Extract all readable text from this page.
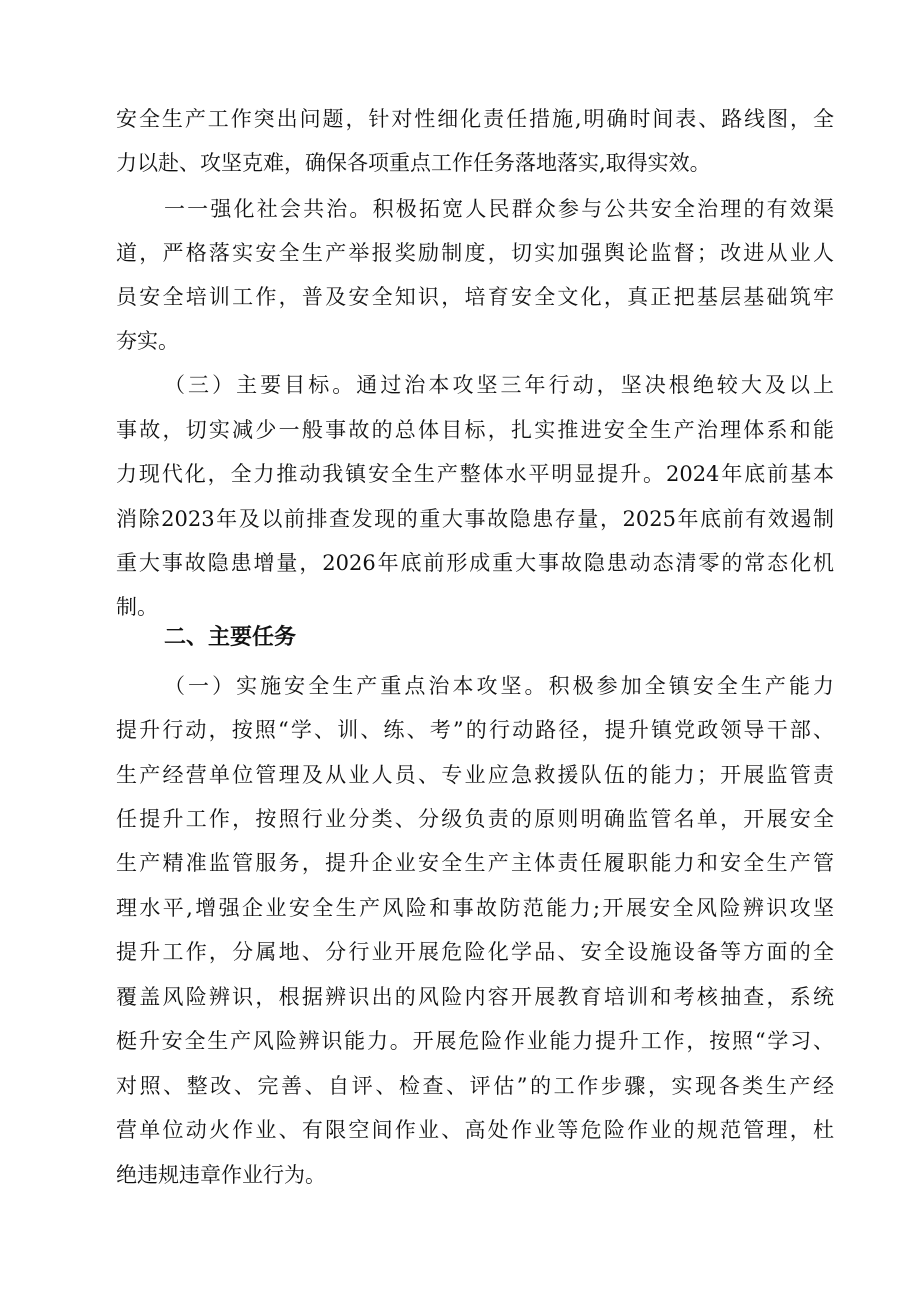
安全生产工作突出问题，针对性细化责任措施,明确时间表、路线图，全
力以赴、攻坚克难，确保各项重点工作任务落地落实,取得实效。
一一强化社会共治。积极拓宽人民群众参与公共安全治理的有效渠
道，严格落实安全生产举报奖励制度，切实加强舆论监督；改进从业人
员安全培训工作，普及安全知识，培育安全文化，真正把基层基础筑牢
夯实。
（三）主要目标。通过治本攻坚三年行动，坚决根绝较大及以上
事故，切实减少一般事故的总体目标，扎实推进安全生产治理体系和能
力现代化，全力推动我镇安全生产整体水平明显提升。2024年底前基本
消除2023年及以前排查发现的重大事故隐患存量，2025年底前有效遏制
重大事故隐患增量，2026年底前形成重大事故隐患动态清零的常态化机
制。
二、主要任务
（一）实施安全生产重点治本攻坚。积极参加全镇安全生产能力
提升行动，按照“学、训、练、考”的行动路径，提升镇党政领导干部、
生产经营单位管理及从业人员、专业应急救援队伍的能力；开展监管责
任提升工作，按照行业分类、分级负责的原则明确监管名单，开展安全
生产精准监管服务，提升企业安全生产主体责任履职能力和安全生产管
理水平,增强企业安全生产风险和事故防范能力;开展安全风险辨识攻坚
提升工作，分属地、分行业开展危险化学品、安全设施设备等方面的全
覆盖风险辨识，根据辨识出的风险内容开展教育培训和考核抽查，系统
梃升安全生产风险辨识能力。开展危险作业能力提升工作，按照“学习、
对照、整改、完善、自评、检查、评估”的工作步骤，实现各类生产经
营单位动火作业、有限空间作业、高处作业等危险作业的规范管理，杜
绝违规违章作业行为。
